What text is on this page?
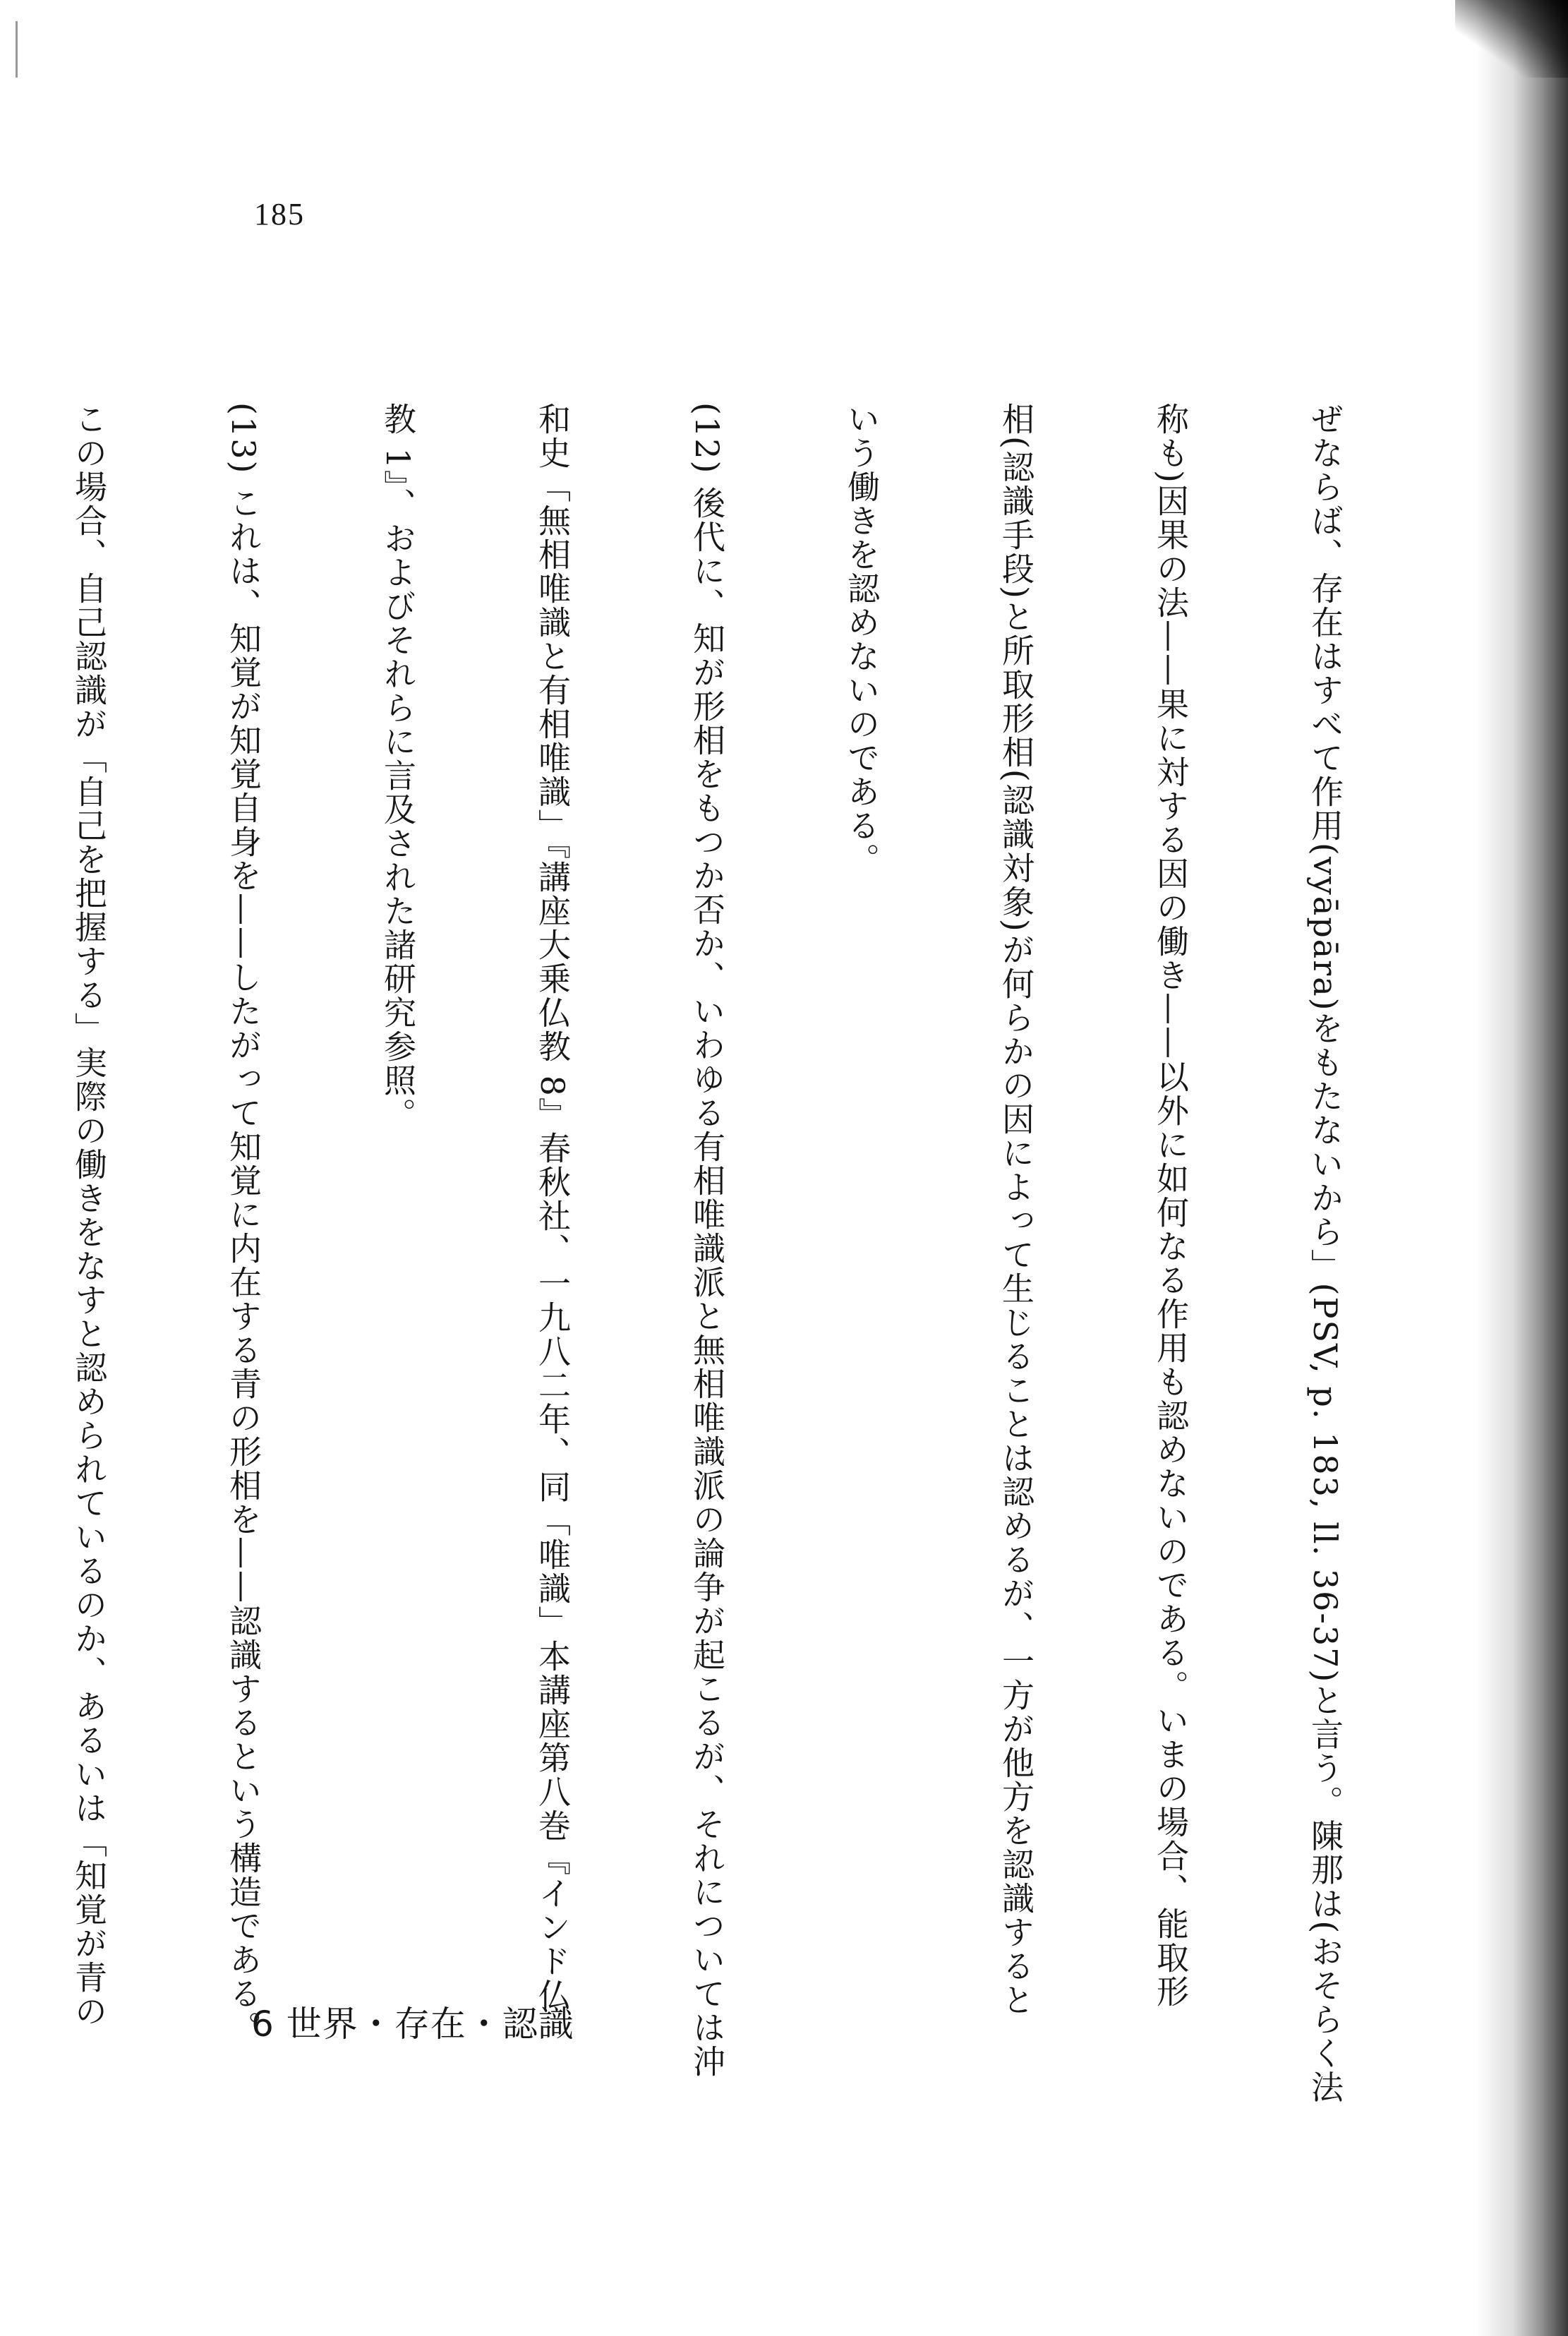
185

ぜならば、存在はすべて作用(vyāpāra)をもたないから」(PSV, p. 183, ll. 36-37)と言う。陳那は(おそらく法

称も)因果の法——果に対する因の働き——以外に如何なる作用も認めないのである。いまの場合、能取形

相(認識手段)と所取形相(認識対象)が何らかの因によって生じることは認めるが、一方が他方を認識すると

いう働きを認めないのである。

(12) 後代に、知が形相をもつか否か、いわゆる有相唯識派と無相唯識派の論争が起こるが、それについては沖

和史「無相唯識と有相唯識」『講座大乗仏教 8』春秋社、一九八二年、同「唯識」本講座第八巻『インド仏

教 1』、およびそれらに言及された諸研究参照。

(13) これは、知覚が知覚自身を——したがって知覚に内在する青の形相を——認識するという構造である。

この場合、自己認識が「自己を把握する」実際の働きをなすと認められているのか、あるいは「知覚が青の

	6 世界・存在・認識
